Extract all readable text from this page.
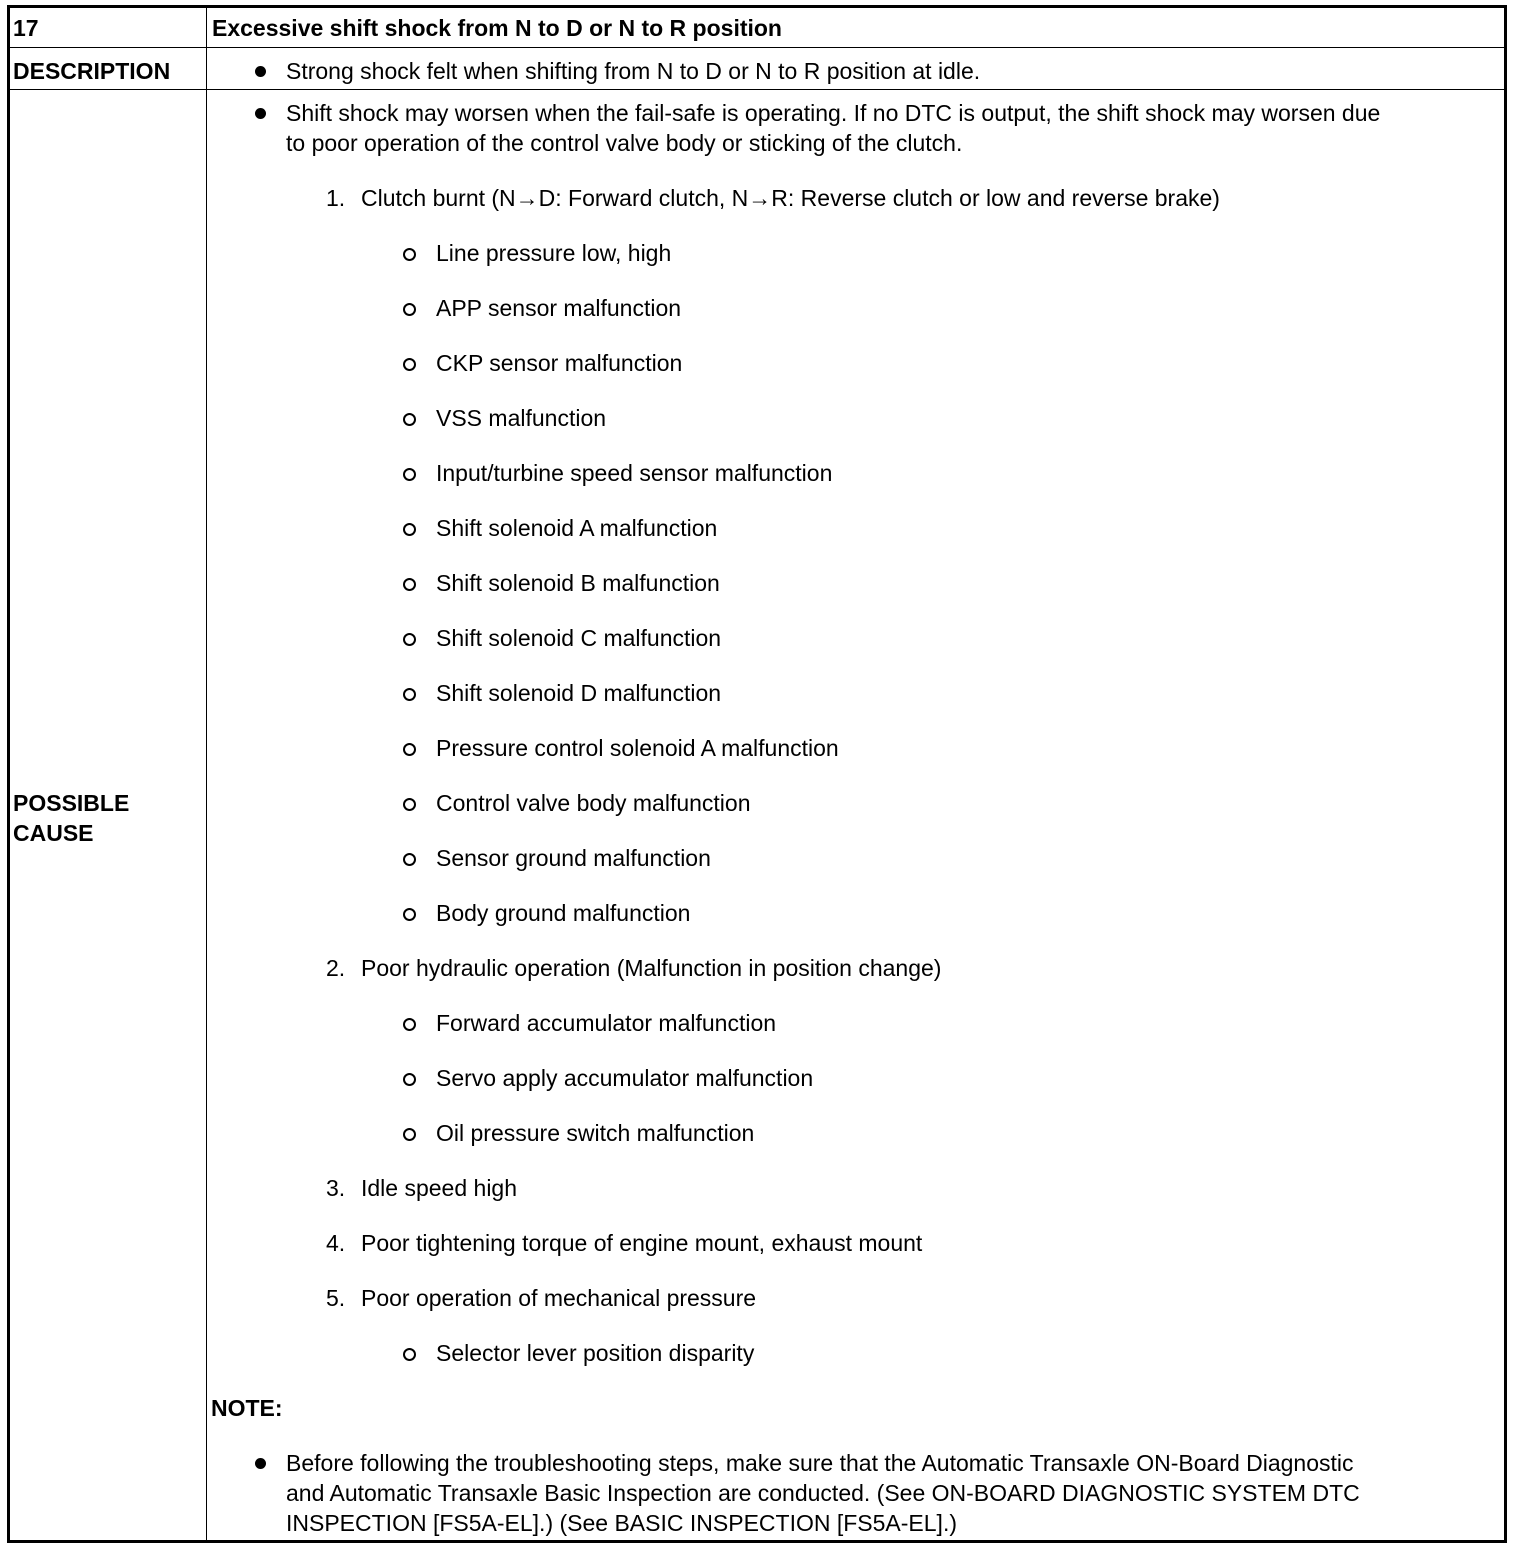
17	Excessive shift shock from N to D or N to R position
DESCRIPTION	Strong shock felt when shifting from N to D or N to R position at idle.
POSSIBLE
CAUSE
Shift shock may worsen when the fail-safe is operating. If no DTC is output, the shift shock may worsen due
to poor operation of the control valve body or sticking of the clutch.
1. Clutch burnt (N→D: Forward clutch, N→R: Reverse clutch or low and reverse brake)
Line pressure low, high
APP sensor malfunction
CKP sensor malfunction
VSS malfunction
Input/turbine speed sensor malfunction
Shift solenoid A malfunction
Shift solenoid B malfunction
Shift solenoid C malfunction
Shift solenoid D malfunction
Pressure control solenoid A malfunction
Control valve body malfunction
Sensor ground malfunction
Body ground malfunction
2. Poor hydraulic operation (Malfunction in position change)
Forward accumulator malfunction
Servo apply accumulator malfunction
Oil pressure switch malfunction
3. Idle speed high
4. Poor tightening torque of engine mount, exhaust mount
5. Poor operation of mechanical pressure
Selector lever position disparity
NOTE:
Before following the troubleshooting steps, make sure that the Automatic Transaxle ON-Board Diagnostic
and Automatic Transaxle Basic Inspection are conducted. (See ON-BOARD DIAGNOSTIC SYSTEM DTC
INSPECTION [FS5A-EL].) (See BASIC INSPECTION [FS5A-EL].)
